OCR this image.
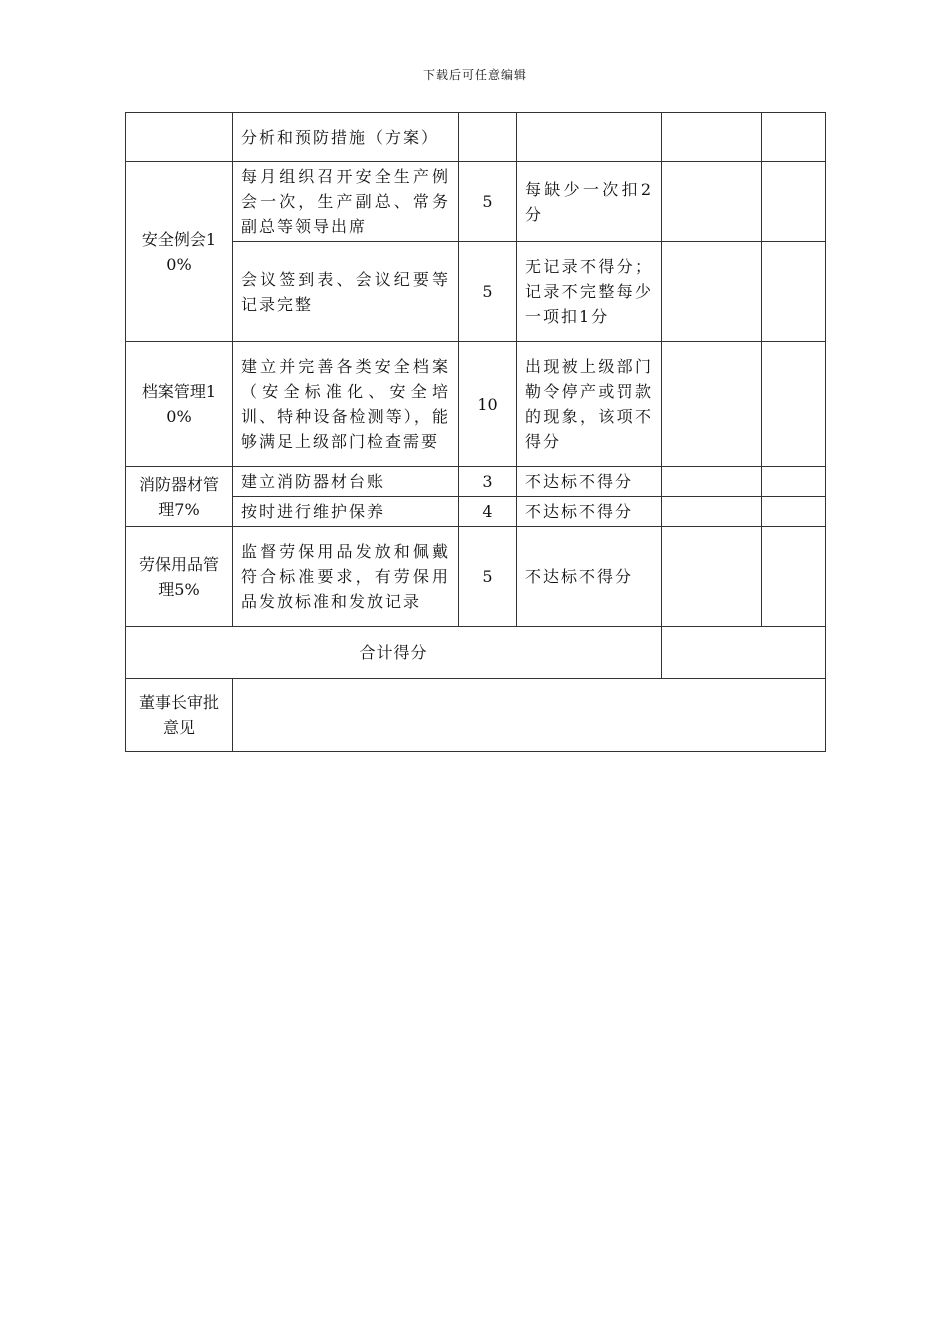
下载后可任意编辑
	分析和预防措施（方案）				
安全例会10%	每月组织召开安全生产例会一次，生产副总、常务副总等领导出席	5	每缺少一次扣2分		
	会议签到表、会议纪要等记录完整	5	无记录不得分；记录不完整每少一项扣1分		
档案管理10%	建立并完善各类安全档案（安全标准化、安全培训、特种设备检测等），能够满足上级部门检查需要	10	出现被上级部门勒令停产或罚款的现象，该项不得分		
消防器材管理7%	建立消防器材台账	3	不达标不得分		
	按时进行维护保养	4	不达标不得分		
劳保用品管理5%	监督劳保用品发放和佩戴符合标准要求，有劳保用品发放标准和发放记录	5	不达标不得分		
合计得分					
董事长审批意见					
